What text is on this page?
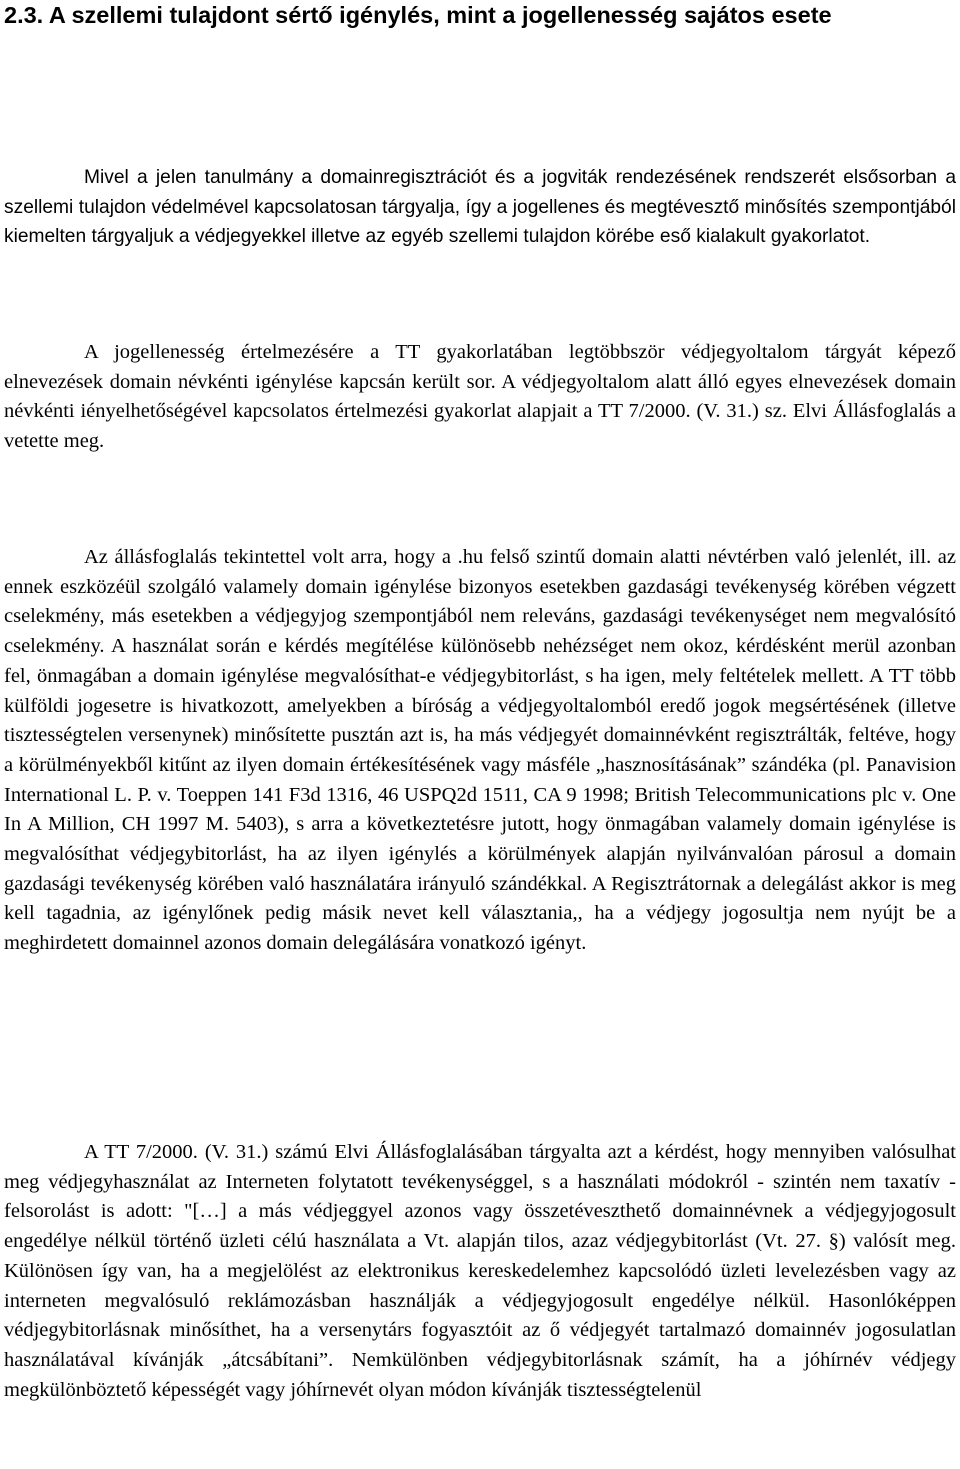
2.3. A szellemi tulajdont sértő igénylés, mint a jogellenesség sajátos esete

Mivel a jelen tanulmány a domainregisztrációt és a jogviták rendezésének rendszerét elsősorban a szellemi tulajdon védelmével kapcsolatosan tárgyalja, így a jogellenes és megtévesztő minősítés szempontjából kiemelten tárgyaljuk a védjegyekkel illetve az egyéb szellemi tulajdon körébe eső kialakult gyakorlatot.

A jogellenesség értelmezésére a TT gyakorlatában legtöbbször védjegyoltalom tárgyát képező elnevezések domain névkénti igénylése kapcsán került sor. A védjegyoltalom alatt álló egyes elnevezések domain névkénti iényelhetőségével kapcsolatos értelmezési gyakorlat alapjait a TT 7/2000. (V. 31.) sz. Elvi Állásfoglalás a vetette meg.

Az állásfoglalás tekintettel volt arra, hogy a .hu felső szintű domain alatti névtérben való jelenlét, ill. az ennek eszközéül szolgáló valamely domain igénylése bizonyos esetekben gazdasági tevékenység körében végzett cselekmény, más esetekben a védjegyjog szempontjából nem releváns, gazdasági tevékenységet nem megvalósító cselekmény. A használat során e kérdés megítélése különösebb nehézséget nem okoz, kérdésként merül azonban fel, önmagában a domain igénylése megvalósíthat-e védjegybitorlást, s ha igen, mely feltételek mellett. A TT több külföldi jogesetre is hivatkozott, amelyekben a bíróság a védjegyoltalomból eredő jogok megsértésének (illetve tisztességtelen versenynek) minősítette pusztán azt is, ha más védjegyét domainnévként regisztrálták, feltéve, hogy a körülményekből kitűnt az ilyen domain értékesítésének vagy másféle „hasznosításának” szándéka (pl. Panavision International L. P. v. Toeppen 141 F3d 1316, 46 USPQ2d 1511, CA 9 1998; British Telecommunications plc v. One In A Million, CH 1997 M. 5403), s arra a következtetésre jutott, hogy önmagában valamely domain igénylése is megvalósíthat védjegybitorlást, ha az ilyen igénylés a körülmények alapján nyilvánvalóan párosul a domain gazdasági tevékenység körében való használatára irányuló szándékkal. A Regisztrátornak a delegálást akkor is meg kell tagadnia, az igénylőnek pedig másik nevet kell választania,, ha a védjegy jogosultja nem nyújt be a meghirdetett domainnel azonos domain delegálására vonatkozó igényt.

A TT 7/2000. (V. 31.) számú Elvi Állásfoglalásában tárgyalta azt a kérdést, hogy mennyiben valósulhat meg védjegyhasználat az Interneten folytatott tevékenységgel, s a használati módokról - szintén nem taxatív - felsorolást is adott: "[…] a más védjeggyel azonos vagy összetéveszthető domainnévnek a védjegyjogosult engedélye nélkül történő üzleti célú használata a Vt. alapján tilos, azaz védjegybitorlást (Vt. 27. §) valósít meg. Különösen így van, ha a megjelölést az elektronikus kereskedelemhez kapcsolódó üzleti levelezésben vagy az interneten megvalósuló reklámozásban használják a védjegyjogosult engedélye nélkül. Hasonlóképpen védjegybitorlásnak minősíthet, ha a versenytárs fogyasztóit az ő védjegyét tartalmazó domainnév jogosulatlan használatával kívánják „átcsábítani”. Nemkülönben védjegybitorlásnak számít, ha a jóhírnév védjegy megkülönböztető képességét vagy jóhírnevét olyan módon kívánják tisztességtelenül
